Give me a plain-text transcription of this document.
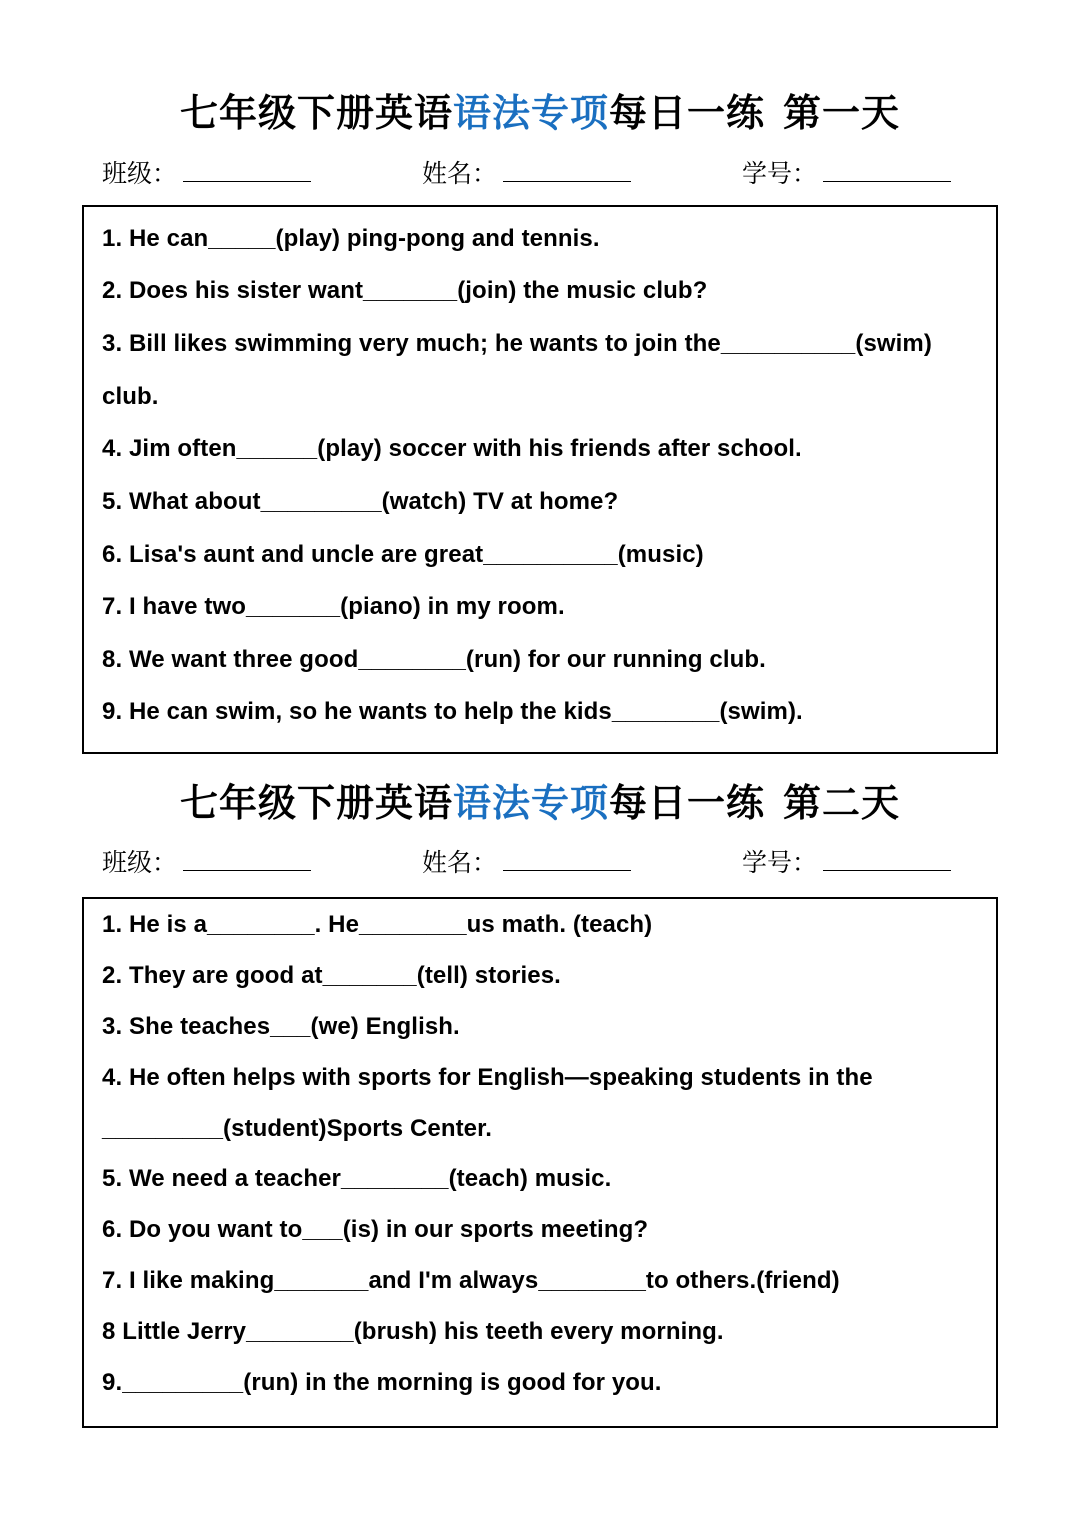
七年级下册英语语法专项每日一练 第一天
班级：	姓名：	学号：
1. He can_____(play) ping-pong and tennis.
2. Does his sister want_______(join) the music club?
3. Bill likes swimming very much; he wants to join the__________(swim)
club.
4. Jim often______(play) soccer with his friends after school.
5. What about_________(watch) TV at home?
6. Lisa's aunt and uncle are great__________(music)
7. I have two_______(piano) in my room.
8. We want three good________(run) for our running club.
9. He can swim, so he wants to help the kids________(swim).
七年级下册英语语法专项每日一练 第二天
班级：	姓名：	学号：
1. He is a________. He________us math. (teach)
2. They are good at_______(tell) stories.
3. She teaches___(we) English.
4. He often helps with sports for English—speaking students in the
_________(student)Sports Center.
5. We need a teacher________(teach) music.
6. Do you want to___(is) in our sports meeting?
7. I like making_______and I'm always________to others.(friend)
8 Little Jerry________(brush) his teeth every morning.
9._________(run) in the morning is good for you.
